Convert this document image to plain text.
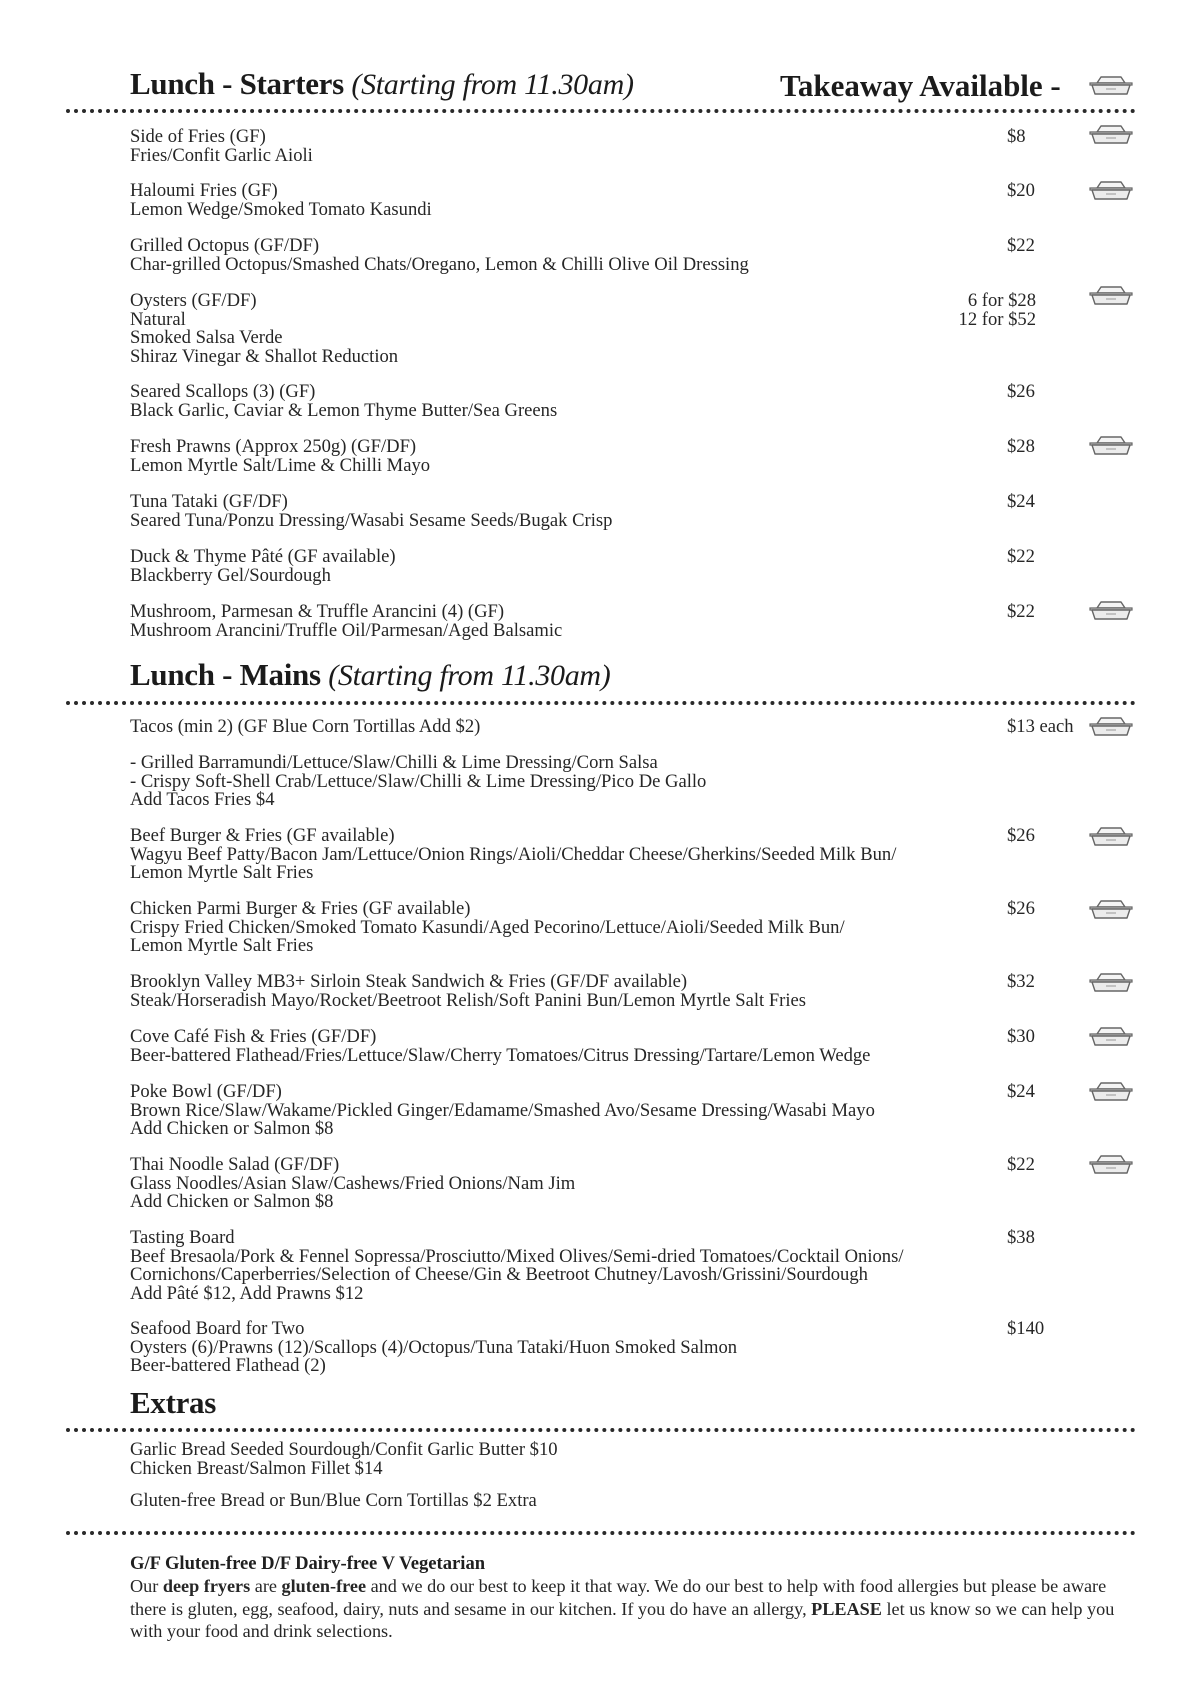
Lunch - Starters (Starting from 11.30am)	Takeaway Available -
Side of Fries (GF)
Fries/Confit Garlic Aioli
$8
Haloumi Fries (GF)
Lemon Wedge/Smoked Tomato Kasundi
$20
Grilled Octopus (GF/DF)
Char-grilled Octopus/Smashed Chats/Oregano, Lemon & Chilli Olive Oil Dressing
$22
Oysters (GF/DF)
Natural
Smoked Salsa Verde
Shiraz Vinegar & Shallot Reduction
6 for $28
12 for $52
Seared Scallops (3) (GF)
Black Garlic, Caviar & Lemon Thyme Butter/Sea Greens
$26
Fresh Prawns (Approx 250g) (GF/DF)
Lemon Myrtle Salt/Lime & Chilli Mayo
$28
Tuna Tataki (GF/DF)
Seared Tuna/Ponzu Dressing/Wasabi Sesame Seeds/Bugak Crisp
$24
Duck & Thyme Pâté (GF available)
Blackberry Gel/Sourdough
$22
Mushroom, Parmesan & Truffle Arancini (4) (GF)
Mushroom Arancini/Truffle Oil/Parmesan/Aged Balsamic
$22
Lunch - Mains (Starting from 11.30am)
Tacos (min 2) (GF Blue Corn Tortillas Add $2)	$13 each
- Grilled Barramundi/Lettuce/Slaw/Chilli & Lime Dressing/Corn Salsa
- Crispy Soft-Shell Crab/Lettuce/Slaw/Chilli & Lime Dressing/Pico De Gallo
Add Tacos Fries $4
Beef Burger & Fries (GF available)
Wagyu Beef Patty/Bacon Jam/Lettuce/Onion Rings/Aioli/Cheddar Cheese/Gherkins/Seeded Milk Bun/
Lemon Myrtle Salt Fries
$26
Chicken Parmi Burger & Fries (GF available)
Crispy Fried Chicken/Smoked Tomato Kasundi/Aged Pecorino/Lettuce/Aioli/Seeded Milk Bun/
Lemon Myrtle Salt Fries
$26
Brooklyn Valley MB3+ Sirloin Steak Sandwich & Fries (GF/DF available)
Steak/Horseradish Mayo/Rocket/Beetroot Relish/Soft Panini Bun/Lemon Myrtle Salt Fries
$32
Cove Café Fish & Fries (GF/DF)
Beer-battered Flathead/Fries/Lettuce/Slaw/Cherry Tomatoes/Citrus Dressing/Tartare/Lemon Wedge
$30
Poke Bowl (GF/DF)
Brown Rice/Slaw/Wakame/Pickled Ginger/Edamame/Smashed Avo/Sesame Dressing/Wasabi Mayo
Add Chicken or Salmon $8
$24
Thai Noodle Salad (GF/DF)
Glass Noodles/Asian Slaw/Cashews/Fried Onions/Nam Jim
Add Chicken or Salmon $8
$22
Tasting Board
Beef Bresaola/Pork & Fennel Sopressa/Prosciutto/Mixed Olives/Semi-dried Tomatoes/Cocktail Onions/
Cornichons/Caperberries/Selection of Cheese/Gin & Beetroot Chutney/Lavosh/Grissini/Sourdough
Add Pâté $12, Add Prawns $12
$38
Seafood Board for Two
Oysters (6)/Prawns (12)/Scallops (4)/Octopus/Tuna Tataki/Huon Smoked Salmon
Beer-battered Flathead (2)
$140
Extras
Garlic Bread Seeded Sourdough/Confit Garlic Butter $10
Chicken Breast/Salmon Fillet $14
Gluten-free Bread or Bun/Blue Corn Tortillas $2 Extra
G/F Gluten-free D/F Dairy-free V Vegetarian

Our deep fryers are gluten-free and we do our best to keep it that way. We do our best to help with food allergies but please be aware there is gluten, egg, seafood, dairy, nuts and sesame in our kitchen. If you do have an allergy, PLEASE let us know so we can help you with your food and drink selections.
